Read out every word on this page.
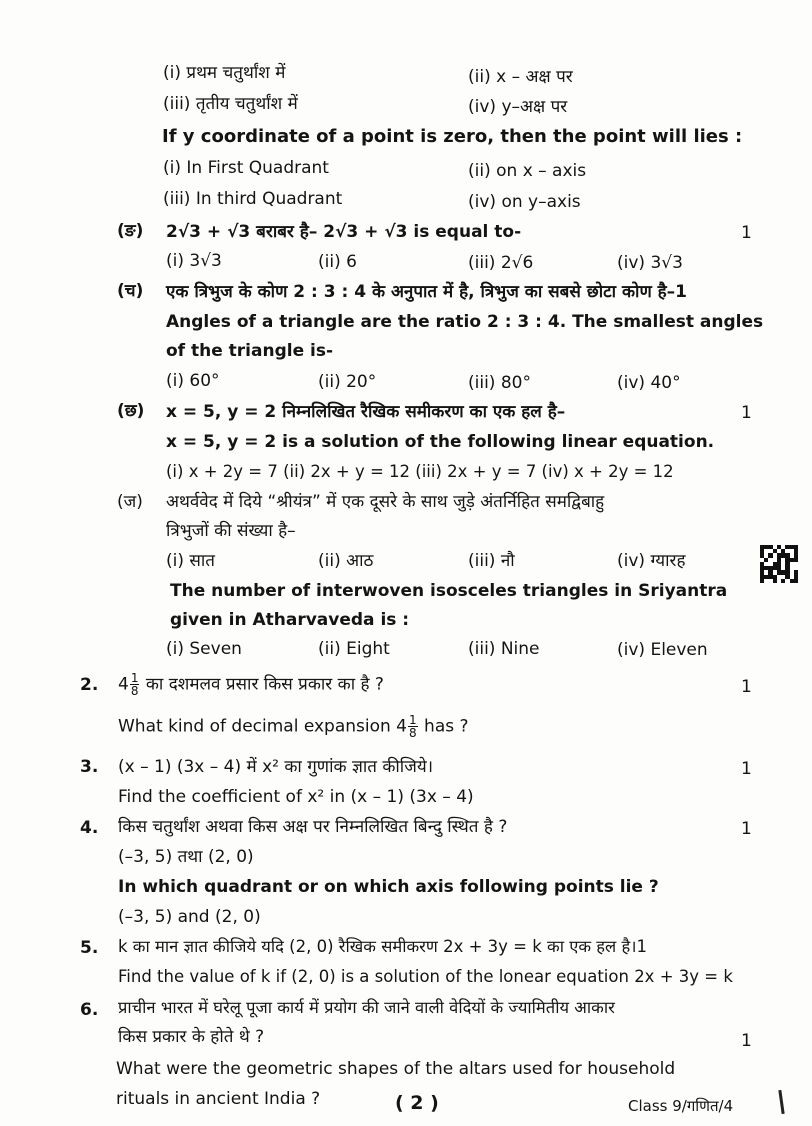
(i) प्रथम चतुर्थांश में	(ii) x – अक्ष पर
(iii) तृतीय चतुर्थांश में	(iv) y–अक्ष पर
If y coordinate of a point is zero, then the point will lies :
(i) In First Quadrant	(ii) on x – axis
(iii) In third Quadrant	(iv) on y–axis
(ङ) 2√3 + √3 बराबर है– 2√3 + √3 is equal to-	1
(i) 3√3	(ii) 6	(iii) 2√6	(iv) 3√3
(च) एक त्रिभुज के कोण 2 : 3 : 4 के अनुपात में है, त्रिभुज का सबसे छोटा कोण है–1
Angles of a triangle are the ratio 2 : 3 : 4. The smallest angles
of the triangle is-
(i) 60°	(ii) 20°	(iii) 80°	(iv) 40°
(छ) x = 5, y = 2 निम्नलिखित रैखिक समीकरण का एक हल है–	1
x = 5, y = 2 is a solution of the following linear equation.
(i) x + 2y = 7 (ii) 2x + y = 12 (iii) 2x + y = 7 (iv) x + 2y = 12
(ज) अथर्ववेद में दिये “श्रीयंत्र” में एक दूसरे के साथ जुड़े अंतर्निहित समद्विबाहु
त्रिभुजों की संख्या है–
(i) सात	(ii) आठ	(iii) नौ	(iv) ग्यारह
The number of interwoven isosceles triangles in Sriyantra
given in Atharvaveda is :
(i) Seven	(ii) Eight	(iii) Nine	(iv) Eleven
2. $4 \frac{1}{8}$ का दशमलव प्रसार किस प्रकार का है ?	1
What kind of decimal expansion $4 \frac{1}{8}$ has ?
3. (x – 1) (3x – 4) में x² का गुणांक ज्ञात कीजिये।	1
Find the coefficient of x² in (x – 1) (3x – 4)
4. किस चतुर्थांश अथवा किस अक्ष पर निम्नलिखित बिन्दु स्थित है ?	1
(–3, 5) तथा (2, 0)
In which quadrant or on which axis following points lie ?
(–3, 5) and (2, 0)
5. k का मान ज्ञात कीजिये यदि (2, 0) रैखिक समीकरण 2x + 3y = k का एक हल है।1
Find the value of k if (2, 0) is a solution of the lonear equation 2x + 3y = k
6. प्राचीन भारत में घरेलू पूजा कार्य में प्रयोग की जाने वाली वेदियों के ज्यामितीय आकार
किस प्रकार के होते थे ?	1
What were the geometric shapes of the altars used for household
rituals in ancient India ?	( 2 )	Class 9/गणित/4
